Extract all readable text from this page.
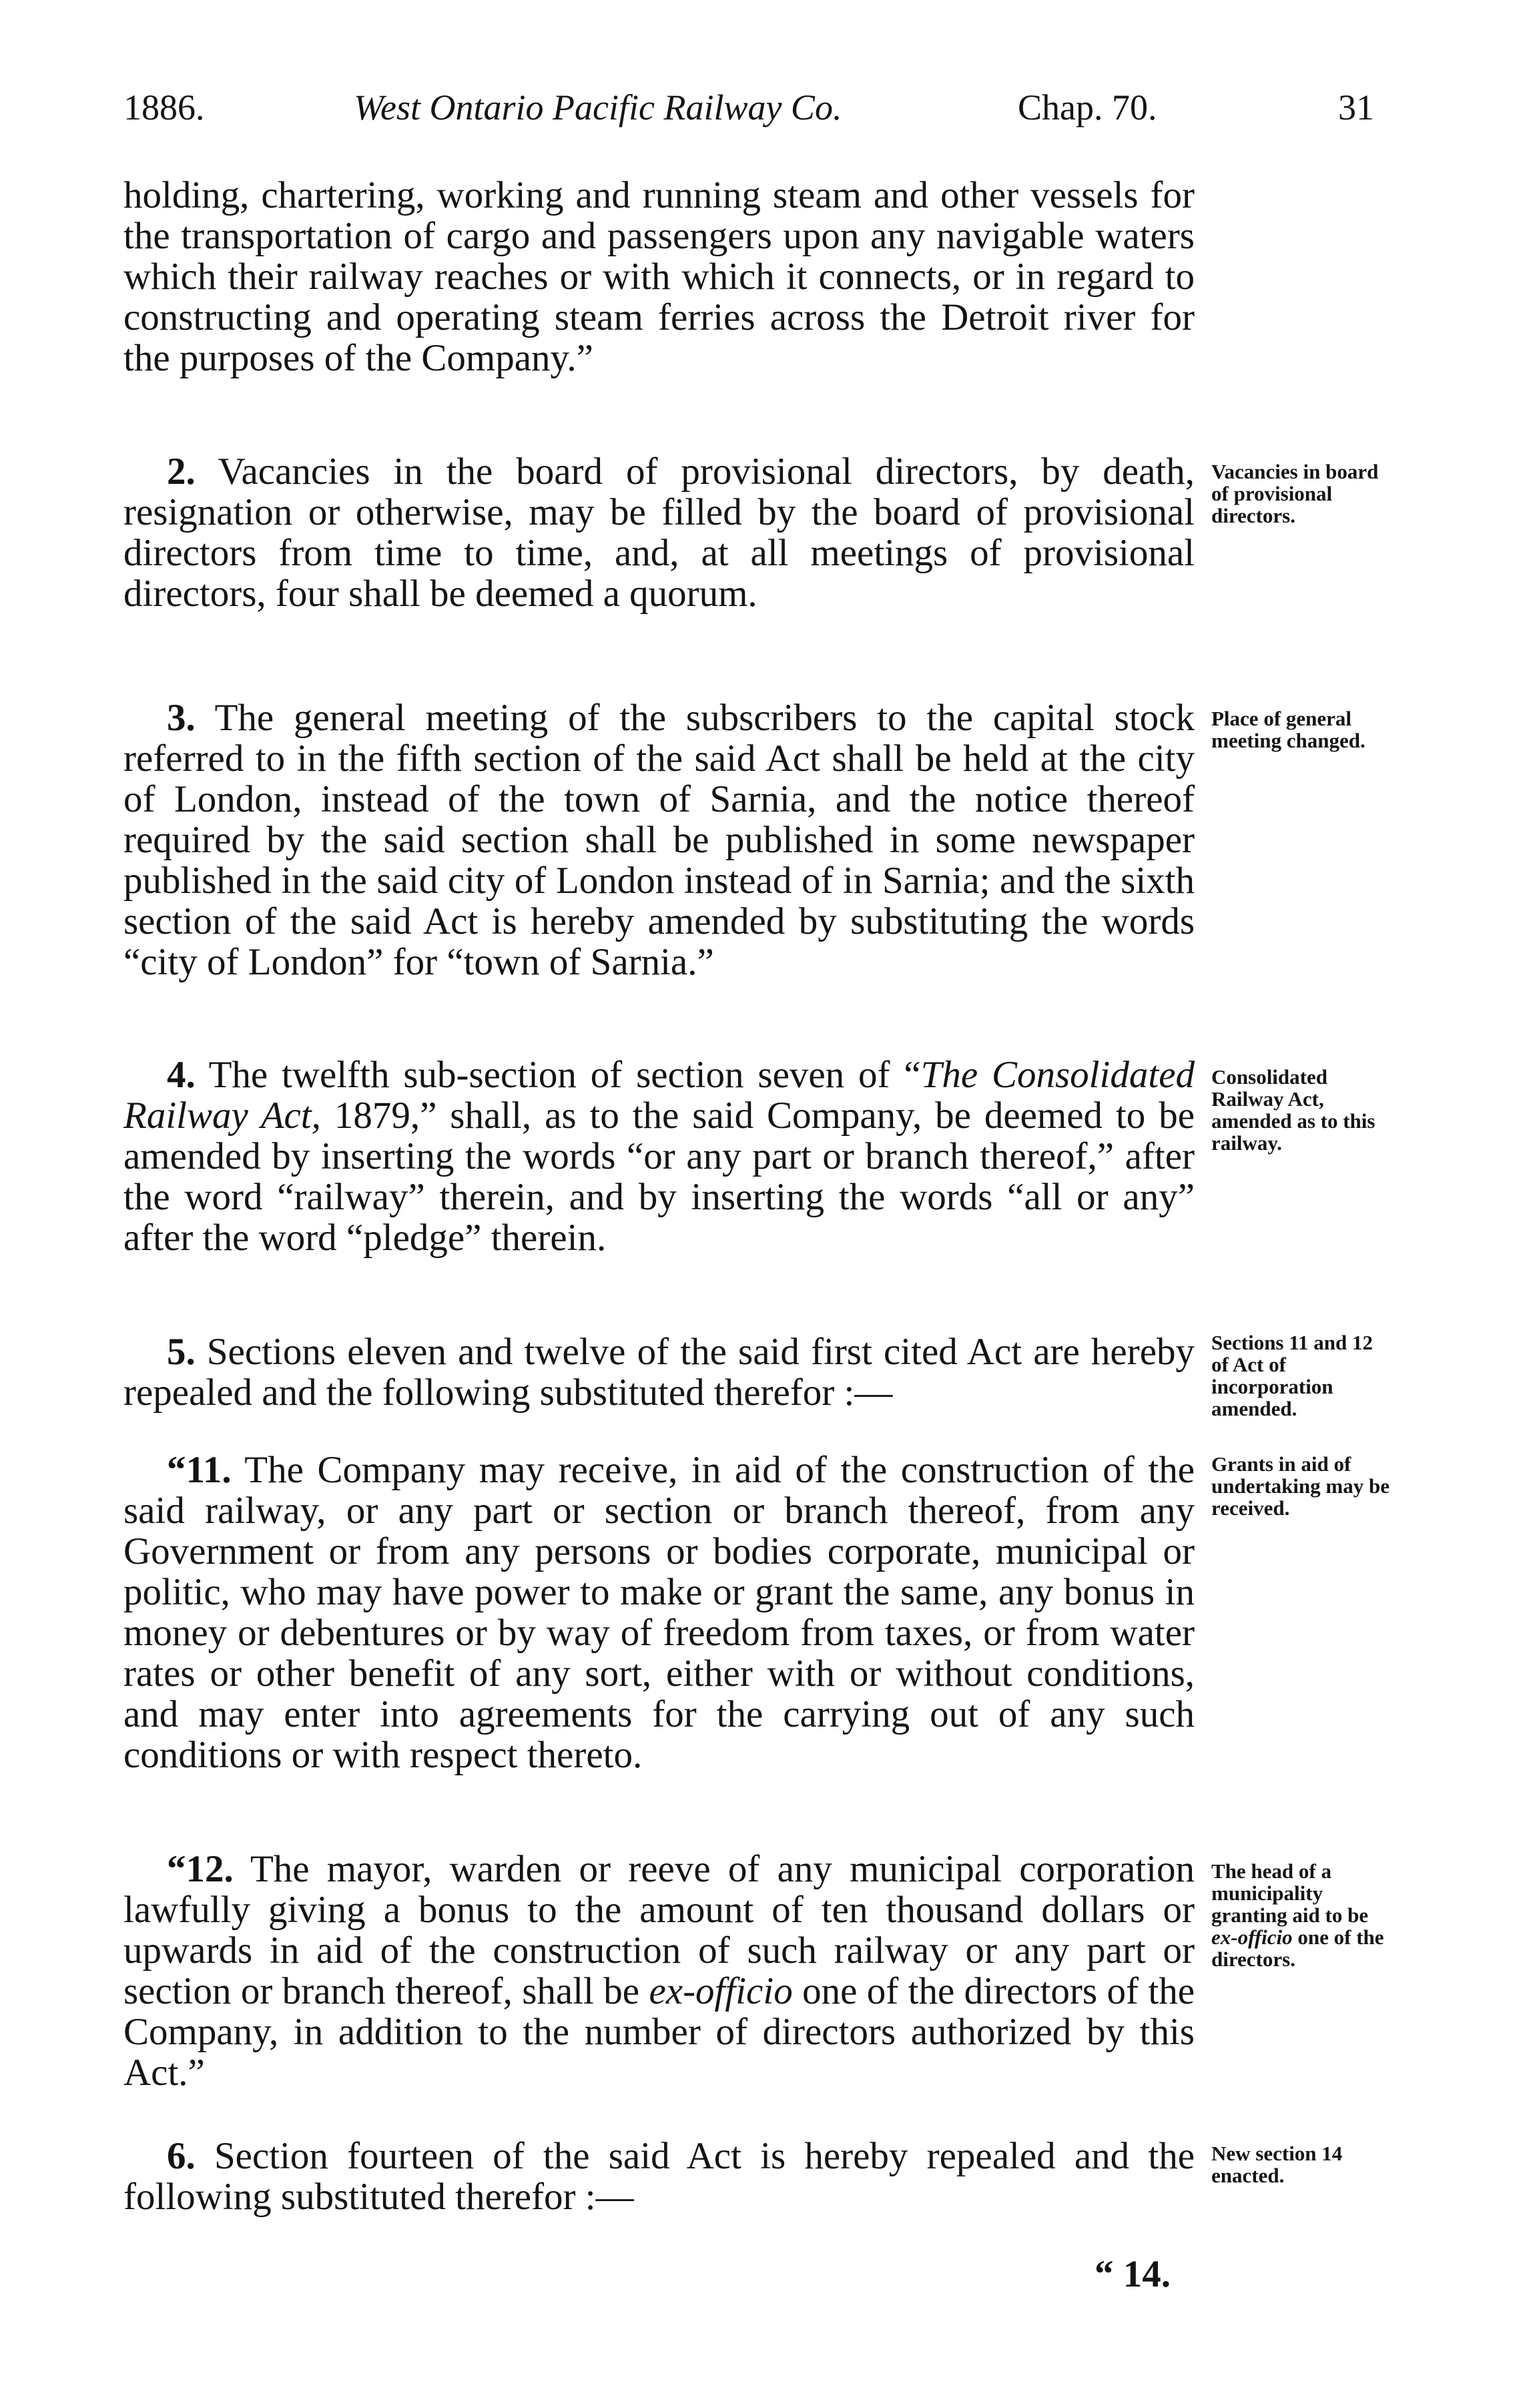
1886.	West Ontario Pacific Railway Co.	Chap. 70.	31

holding, chartering, working and running steam and other vessels for the transportation of cargo and passengers upon any navigable waters which their railway reaches or with which it connects, or in regard to constructing and operating steam ferries across the Detroit river for the purposes of the Company.”

2. Vacancies in the board of provisional directors, by death, resignation or otherwise, may be filled by the board of provisional directors from time to time, and, at all meetings of provisional directors, four shall be deemed a quorum.

Vacancies in board of provisional directors.

3. The general meeting of the subscribers to the capital stock referred to in the fifth section of the said Act shall be held at the city of London, instead of the town of Sarnia, and the notice thereof required by the said section shall be published in some newspaper published in the said city of London instead of in Sarnia; and the sixth section of the said Act is hereby amended by substituting the words “city of London” for “town of Sarnia.”

Place of general meeting changed.

4. The twelfth sub-section of section seven of “The Consolidated Railway Act, 1879,” shall, as to the said Company, be deemed to be amended by inserting the words “or any part or branch thereof,” after the word “railway” therein, and by inserting the words “all or any” after the word “pledge” therein.

Consolidated Railway Act, amended as to this railway.

5. Sections eleven and twelve of the said first cited Act are hereby repealed and the following substituted therefor :—

Sections 11 and 12 of Act of incorporation amended.

“11. The Company may receive, in aid of the construction of the said railway, or any part or section or branch thereof, from any Government or from any persons or bodies corporate, municipal or politic, who may have power to make or grant the same, any bonus in money or debentures or by way of freedom from taxes, or from water rates or other benefit of any sort, either with or without conditions, and may enter into agreements for the carrying out of any such conditions or with respect thereto.

Grants in aid of undertaking may be received.

“12. The mayor, warden or reeve of any municipal corporation lawfully giving a bonus to the amount of ten thousand dollars or upwards in aid of the construction of such railway or any part or section or branch thereof, shall be ex-officio one of the directors of the Company, in addition to the number of directors authorized by this Act.”

The head of a municipality granting aid to be ex-officio one of the directors.

6. Section fourteen of the said Act is hereby repealed and the following substituted therefor :—

New section 14 enacted.
“ 14.
